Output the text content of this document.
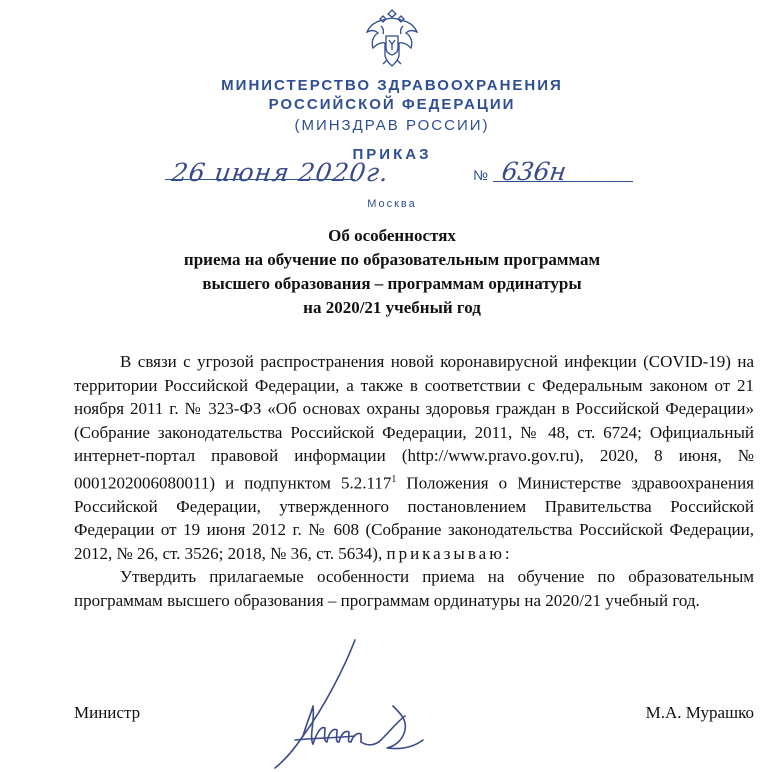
МИНИСТЕРСТВО ЗДРАВООХРАНЕНИЯ
РОССИЙСКОЙ ФЕДЕРАЦИИ
(МИНЗДРАВ РОССИИ)
ПРИКАЗ
26 июня 2020г.	№ 636н
Москва
Об особенностях
приема на обучение по образовательным программам
высшего образования – программам ординатуры
на 2020/21 учебный год

В связи с угрозой распространения новой коронавирусной инфекции (COVID-19) на территории Российской Федерации, а также в соответствии с Федеральным законом от 21 ноября 2011 г. № 323-ФЗ «Об основах охраны здоровья граждан в Российской Федерации» (Собрание законодательства Российской Федерации, 2011, № 48, ст. 6724; Официальный интернет-портал правовой информации (http://www.pravo.gov.ru), 2020, 8 июня, № 0001202006080011) и подпунктом 5.2.117$^1$ Положения о Министерстве здравоохранения Российской Федерации, утвержденного постановлением Правительства Российской Федерации от 19 июня 2012 г. № 608 (Собрание законодательства Российской Федерации, 2012, № 26, ст. 3526; 2018, № 36, ст. 5634), приказываю:

Утвердить прилагаемые особенности приема на обучение по образовательным программам высшего образования – программам ординатуры на 2020/21 учебный год.

Министр	М.А. Мурашко
